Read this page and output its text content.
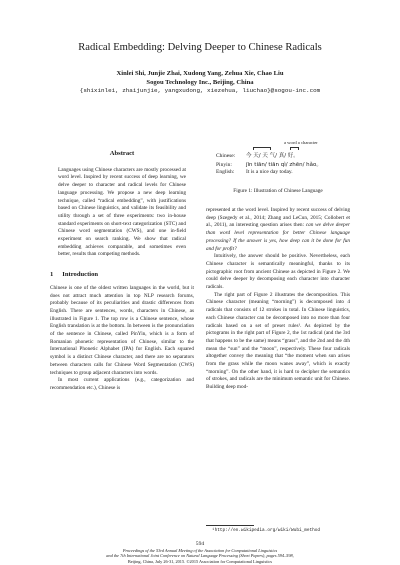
Radical Embedding: Delving Deeper to Chinese Radicals
Xinlei Shi, Junjie Zhai, Xudong Yang, Zehua Xie, Chao Liu
Sogou Technology Inc., Beijing, China
{shixinlei, zhaijunjie, yangxudong, xiezehua, liuchao}@sogou-inc.com
Abstract

Languages using Chinese characters are mostly processed at word level. Inspired by recent success of deep learning, we delve deeper to character and radical levels for Chinese language processing. We propose a new deep learning technique, called “radical embedding”, with justifications based on Chinese linguistics, and validate its feasibility and utility through a set of three experiments: two in-house standard experiments on short-text categorization (STC) and Chinese word segmentation (CWS), and one in-field experiment on search ranking. We show that radical embedding achieves comparable, and sometimes even better, results than competing methods.

1 Introduction

Chinese is one of the oldest written languages in the world, but it does not attract much attention in top NLP research forums, probably because of its peculiarities and drastic differences from English. There are sentences, words, characters in Chinese, as illustrated in Figure 1. The top row is a Chinese sentence, whose English translation is at the bottom. In between is the pronunciation of the sentence in Chinese, called PinYin, which is a form of Romanian phonetic representation of Chinese, similar to the International Phonetic Alphabet (IPA) for English. Each squared symbol is a distinct Chinese character, and there are no separators between characters calls for Chinese Word Segmentation (CWS) techniques to group adjacent characters into words.

In most current applications (e.g., categorization and recommendation etc.), Chinese is

a word a character
Chinese: 今 天/ 天 气/ 真/ 好。
Pinyin:	jīn tiān/ tiān qì/ zhēn/ hǎo。
English: It is a nice day today.
Figure 1: Illustration of Chinese Language

represented at the word level. Inspired by recent success of delving deep (Szegedy et al., 2014; Zhang and LeCun, 2015; Collobert et al., 2011), an interesting question arises then: can we delve deeper than word level representation for better Chinese language processing? If the answer is yes, how deep can it be done for fun and for profit?

Intuitively, the answer should be positive. Nevertheless, each Chinese character is semantically meaningful, thanks to its pictographic root from ancient Chinese as depicted in Figure 2. We could delve deeper by decomposing each character into character radicals.

The right part of Figure 2 illustrates the decomposition. This Chinese character (meaning “morning”) is decomposed into 4 radicals that consists of 12 strokes in total. In Chinese linguistics, each Chinese character can be decomposed into no more than four radicals based on a set of preset rules¹. As depicted by the pictograms in the right part of Figure 2, the 1st radical (and the 3rd that happens to be the same) means “grass”, and the 2nd and the 4th mean the “sun” and the “moon”, respectively. These four radicals altogether convey the meaning that “the moment when sun arises from the grass while the moon wanes away”, which is exactly “morning”. On the other hand, it is hard to decipher the semantics of strokes, and radicals are the minimum semantic unit for Chinese. Building deep mod-

¹http://en.wikipedia.org/wiki/Wubi_method
594
Proceedings of the 53rd Annual Meeting of the Association for Computational Linguistics
and the 7th International Joint Conference on Natural Language Processing (Short Papers), pages 594–598,
Beijing, China, July 26-31, 2015. ©2015 Association for Computational Linguistics
